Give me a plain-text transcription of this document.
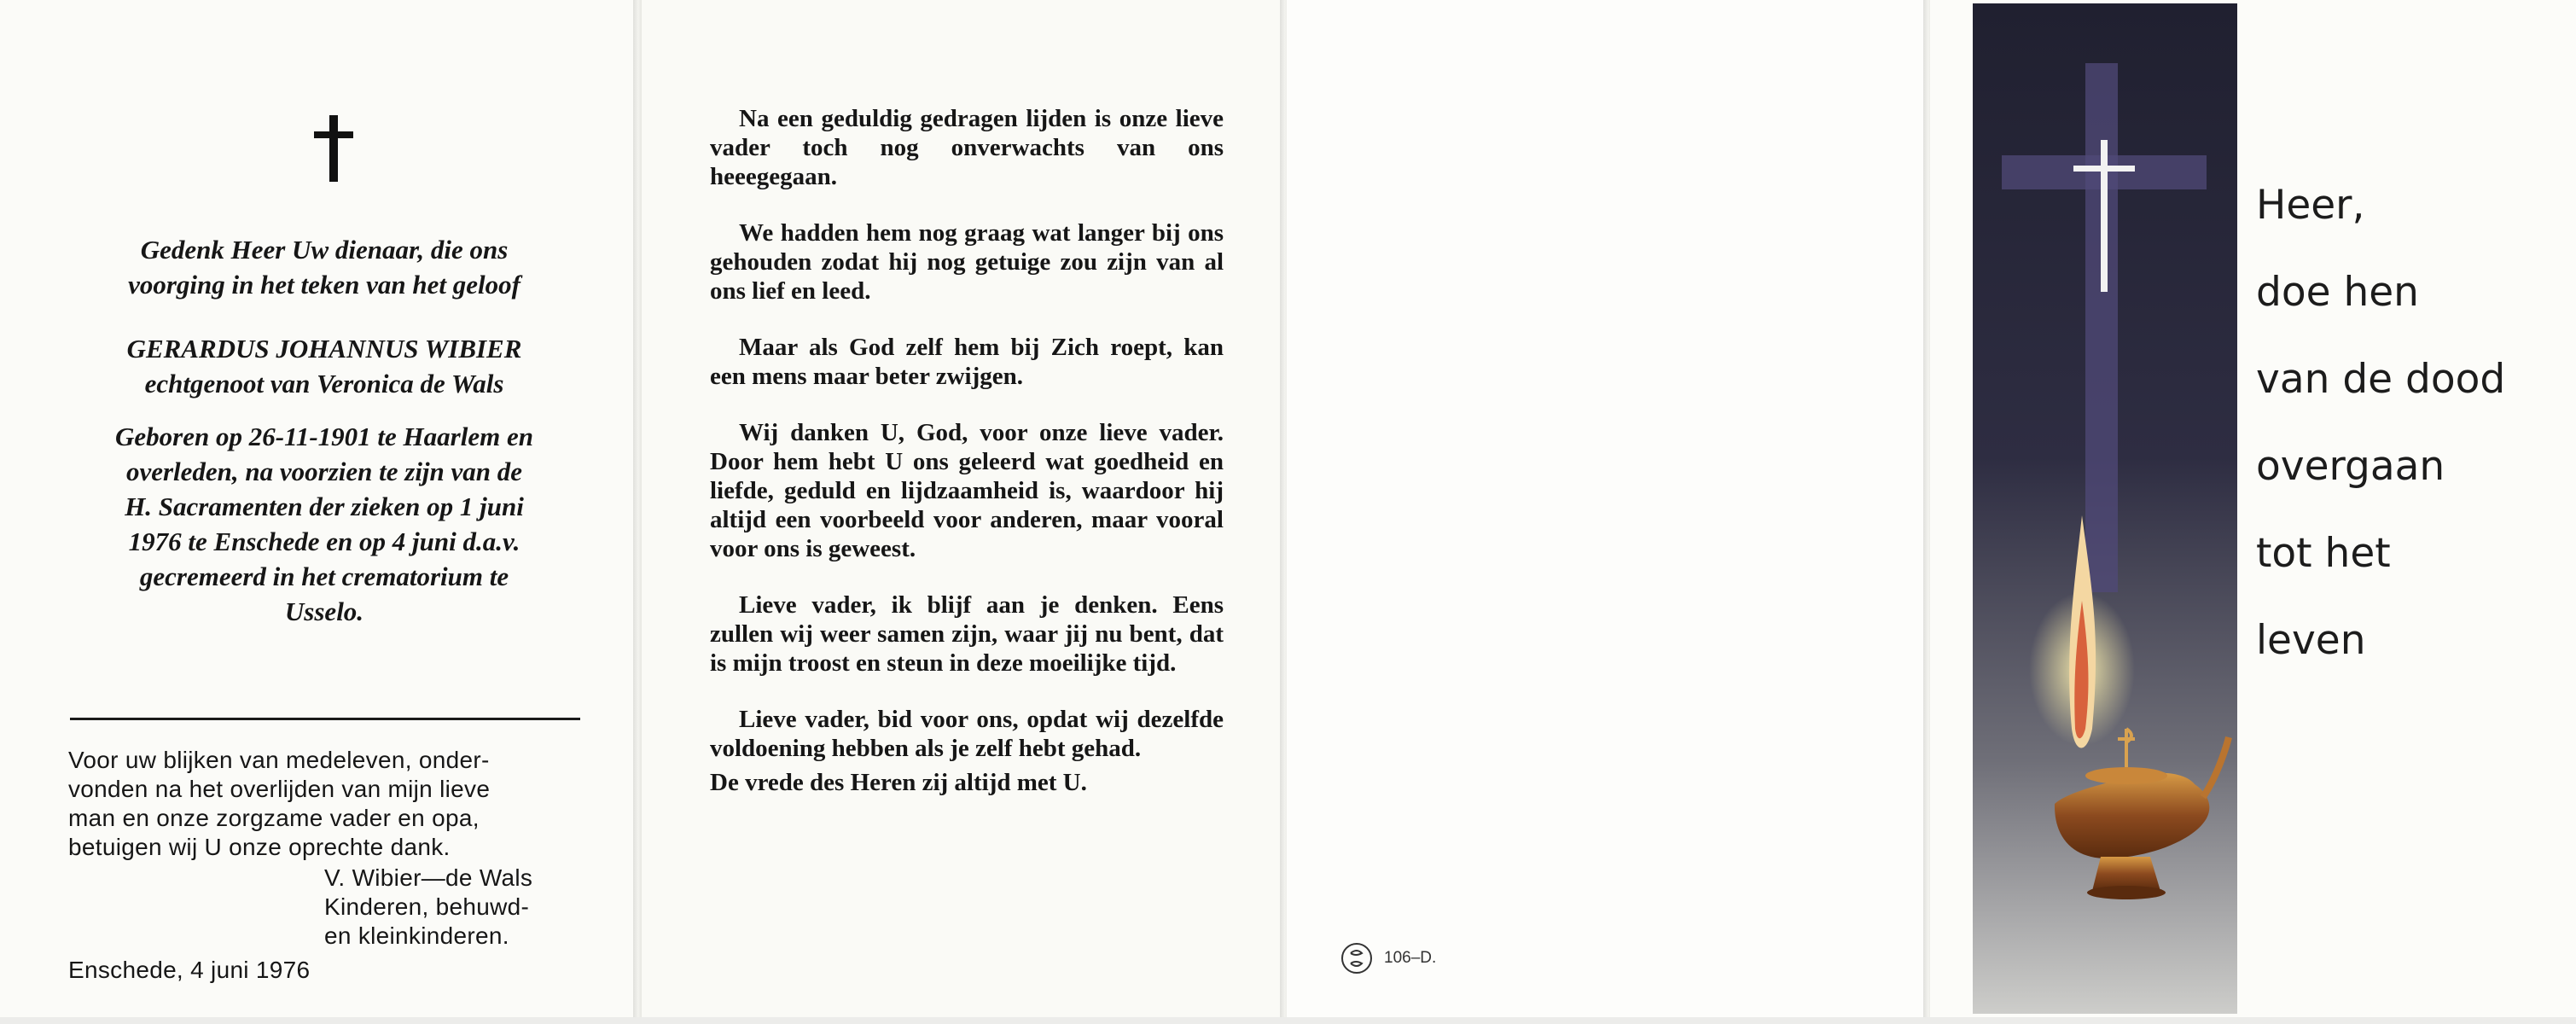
Gedenk Heer Uw dienaar, die ons
voorging in het teken van het geloof
GERARDUS JOHANNUS WIBIER
echtgenoot van Veronica de Wals
Geboren op 26-11-1901 te Haarlem en
overleden, na voorzien te zijn van de
H. Sacramenten der zieken op 1 juni
1976 te Enschede en op 4 juni d.a.v.
gecremeerd in het crematorium te
Usselo.
Voor uw blijken van medeleven, onder-
vonden na het overlijden van mijn lieve
man en onze zorgzame vader en opa,
betuigen wij U onze oprechte dank.
V. Wibier—de Wals
Kinderen, behuwd-
en kleinkinderen.
Enschede, 4 juni 1976

Na een geduldig gedragen lijden is onze lieve vader toch nog onverwachts van ons heeegegaan.

We hadden hem nog graag wat langer bij ons gehouden zodat hij nog getuige zou zijn van al ons lief en leed.

Maar als God zelf hem bij Zich roept, kan een mens maar beter zwijgen.

Wij danken U, God, voor onze lieve vader. Door hem hebt U ons geleerd wat goedheid en liefde, geduld en lijdzaamheid is, waardoor hij altijd een voorbeeld voor anderen, maar vooral voor ons is geweest.

Lieve vader, ik blijf aan je denken. Eens zullen wij weer samen zijn, waar jij nu bent, dat is mijn troost en steun in deze moeilijke tijd.

Lieve vader, bid voor ons, opdat wij dezelfde voldoening hebben als je zelf hebt gehad.

De vrede des Heren zij altijd met U.

106–D.
Heer,
doe hen
van de dood
overgaan
tot het
leven
